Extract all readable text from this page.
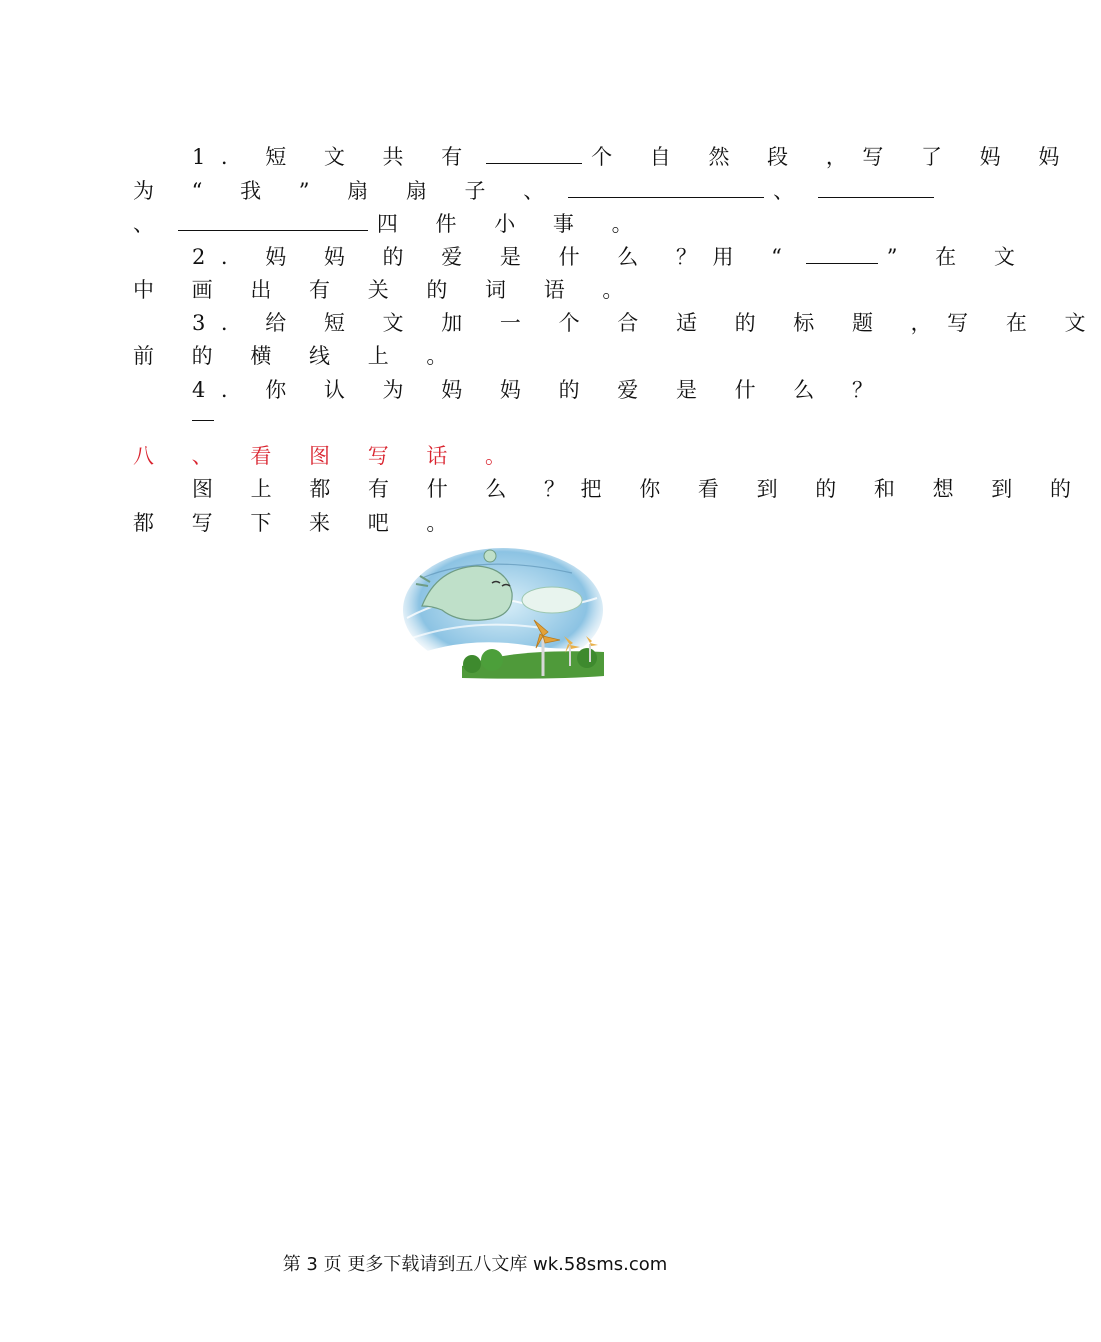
1. 短 文 共 有	个 自 然 段 ，写 了 妈 妈
为 “ 我 ” 扇 扇 子 、	、
、	四 件 小 事 。
2. 妈 妈 的 爱 是 什 么 ？用 “	” 在 文
中 画 出 有 关 的 词 语 。
3. 给 短 文 加 一 个 合 适 的 标 题 ，写 在 文
前 的 横 线 上 。
4. 你 认 为 妈 妈 的 爱 是 什 么 ？
八 、 看 图 写 话 。
图 上 都 有 什 么 ？把 你 看 到 的 和 想 到 的
都 写 下 来 吧 。
第 3 页 更多下载请到五八文库 wk.58sms.com
